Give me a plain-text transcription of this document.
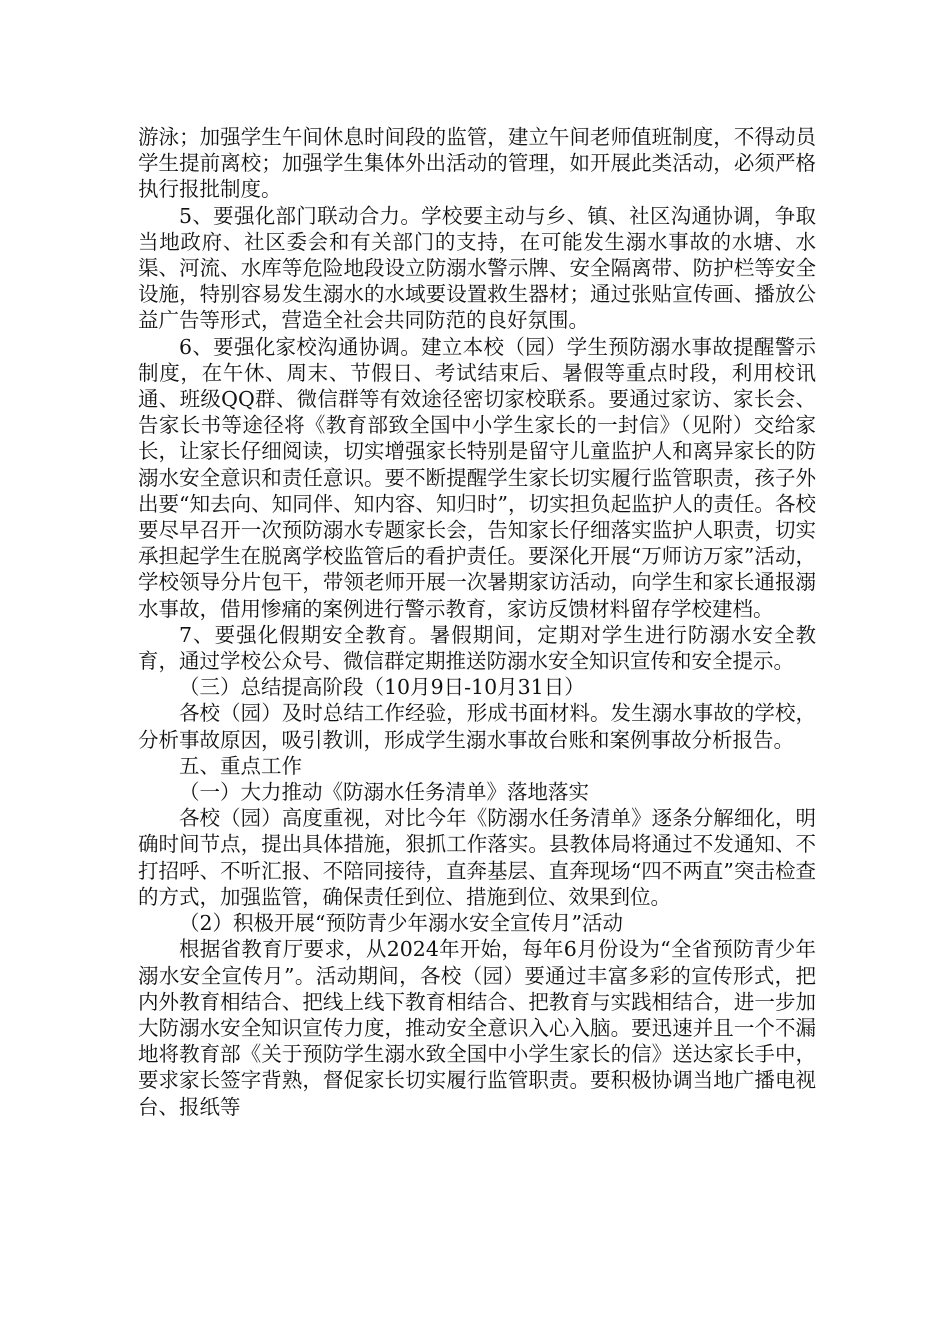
游泳；加强学生午间休息时间段的监管，建立午间老师值班制度，不得动员学生提前离校；加强学生集体外出活动的管理，如开展此类活动，必须严格执行报批制度。

5、要强化部门联动合力。学校要主动与乡、镇、社区沟通协调，争取当地政府、社区委会和有关部门的支持，在可能发生溺水事故的水塘、水渠、河流、水库等危险地段设立防溺水警示牌、安全隔离带、防护栏等安全设施，特别容易发生溺水的水域要设置救生器材；通过张贴宣传画、播放公益广告等形式，营造全社会共同防范的良好氛围。

6、要强化家校沟通协调。建立本校（园）学生预防溺水事故提醒警示制度，在午休、周末、节假日、考试结束后、暑假等重点时段，利用校讯通、班级QQ群、微信群等有效途径密切家校联系。要通过家访、家长会、告家长书等途径将《教育部致全国中小学生家长的一封信》（见附）交给家长，让家长仔细阅读，切实增强家长特别是留守儿童监护人和离异家长的防溺水安全意识和责任意识。要不断提醒学生家长切实履行监管职责，孩子外出要“知去向、知同伴、知内容、知归时”，切实担负起监护人的责任。各校要尽早召开一次预防溺水专题家长会，告知家长仔细落实监护人职责，切实承担起学生在脱离学校监管后的看护责任。要深化开展“万师访万家”活动，学校领导分片包干，带领老师开展一次暑期家访活动，向学生和家长通报溺水事故，借用惨痛的案例进行警示教育，家访反馈材料留存学校建档。

7、要强化假期安全教育。暑假期间，定期对学生进行防溺水安全教育，通过学校公众号、微信群定期推送防溺水安全知识宣传和安全提示。

（三）总结提高阶段（10月9日-10月31日）

各校（园）及时总结工作经验，形成书面材料。发生溺水事故的学校，分析事故原因，吸引教训，形成学生溺水事故台账和案例事故分析报告。

五、重点工作

（一）大力推动《防溺水任务清单》落地落实

各校（园）高度重视，对比今年《防溺水任务清单》逐条分解细化，明确时间节点，提出具体措施，狠抓工作落实。县教体局将通过不发通知、不打招呼、不听汇报、不陪同接待，直奔基层、直奔现场“四不两直”突击检查的方式，加强监管，确保责任到位、措施到位、效果到位。

（2）积极开展“预防青少年溺水安全宣传月”活动

根据省教育厅要求，从2024年开始，每年6月份设为“全省预防青少年溺水安全宣传月”。活动期间，各校（园）要通过丰富多彩的宣传形式，把内外教育相结合、把线上线下教育相结合、把教育与实践相结合，进一步加大防溺水安全知识宣传力度，推动安全意识入心入脑。要迅速并且一个不漏地将教育部《关于预防学生溺水致全国中小学生家长的信》送达家长手中，要求家长签字背熟，督促家长切实履行监管职责。要积极协调当地广播电视台、报纸等
